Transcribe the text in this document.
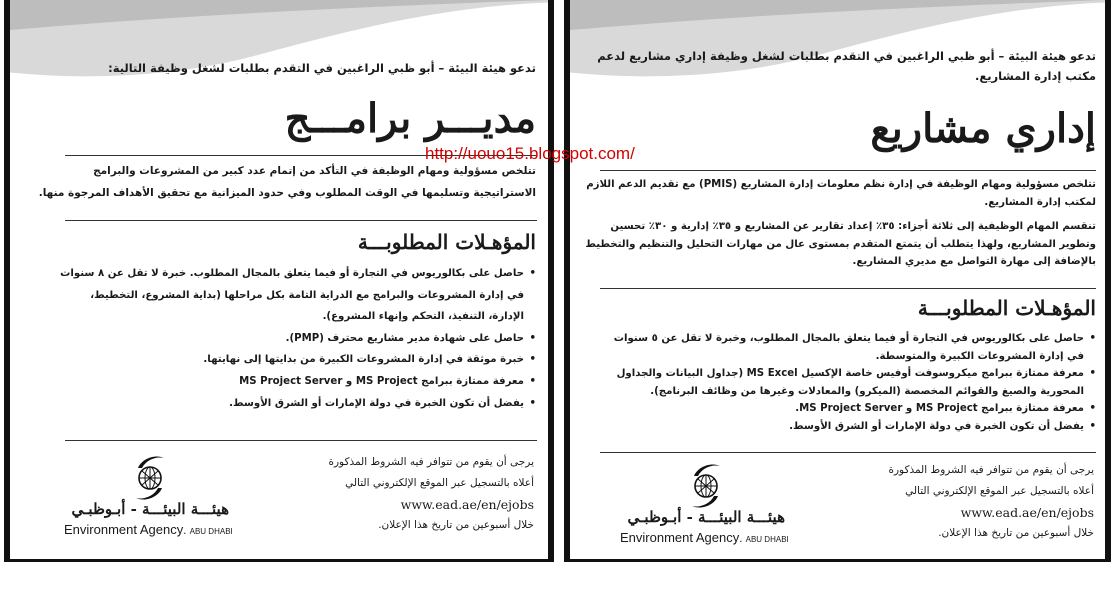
تدعو هيئة البيئة – أبو ظبي الراغبين في التقدم بطلبات لشغل وظيفة التالية:
مديـــر برامـــج
تتلخص مسؤولية ومهام الوظيفة في التأكد من إتمام عدد كبير من المشروعات والبرامج
الاستراتيجية وتسليمها في الوقت المطلوب وفي حدود الميزانية مع تحقيق الأهداف المرجوة منها.
المؤهـلات المطلوبـــة
• حاصل على بكالوريوس في التجارة أو فيما يتعلق بالمجال المطلوب. خبرة لا تقل عن ٨ سنوات في إدارة المشروعات والبرامج مع الدراية التامة بكل مراحلها (بداية المشروع، التخطيط، الإدارة، التنفيذ، التحكم وإنهاء المشروع).
• حاصل على شهادة مدير مشاريع محترف (PMP).
• خبرة موثقة في إدارة المشروعات الكبيرة من بدايتها إلى نهايتها.
• معرفة ممتازة ببرامج MS Project و MS Project Server
• يفضل أن تكون الخبرة في دولة الإمارات أو الشرق الأوسط.
يرجى أن يقوم من تتوافر فيه الشروط المذكورة
أعلاه بالتسجيل عبر الموقع الإلكتروني التالي
www.ead.ae/en/ejobs
خلال أسبوعين من تاريخ هذا الإعلان.
هيئـــة البيئـــة - أبـوظبـي
Environment Agency. ABU DHABI
تدعو هيئة البيئة – أبو ظبي الراغبين في التقدم بطلبات لشغل وظيفة إداري مشاريع لدعم مكتب إدارة المشاريع.
إداري مشاريع
تتلخص مسؤولية ومهام الوظيفة في إدارة نظم معلومات إدارة المشاريع (PMIS) مع تقديم الدعم اللازم لمكتب إدارة المشاريع.
تنقسم المهام الوظيفية إلى ثلاثة أجزاء: ٣٥٪ إعداد تقارير عن المشاريع و ٣٥٪ إدارية و ٣٠٪ تحسين وتطوير المشاريع، ولهذا يتطلب أن يتمتع المتقدم بمستوى عال من مهارات التحليل والتنظيم والتخطيط بالإضافة إلى مهارة التواصل مع مديري المشاريع.
المؤهـلات المطلوبـــة
• حاصل على بكالوريوس في التجارة أو فيما يتعلق بالمجال المطلوب، وخبرة لا تقل عن ٥ سنوات في إدارة المشروعات الكبيرة والمتوسطة.
• معرفة ممتازة ببرامج ميكروسوفت أوفيس خاصة الإكسيل MS Excel (جداول البيانات والجداول المحورية والصيغ والقوائم المخصصة (الميكرو) والمعادلات وغيرها من وظائف البرنامج).
• معرفة ممتازة ببرامج MS Project و MS Project Server.
• يفضل أن تكون الخبرة في دولة الإمارات أو الشرق الأوسط.
يرجى أن يقوم من تتوافر فيه الشروط المذكورة
أعلاه بالتسجيل عبر الموقع الإلكتروني التالي
www.ead.ae/en/ejobs
خلال أسبوعين من تاريخ هذا الإعلان.
هيئـــة البيئـــة - أبـوظبـي
Environment Agency. ABU DHABI
http://uouo15.blogspot.com/
